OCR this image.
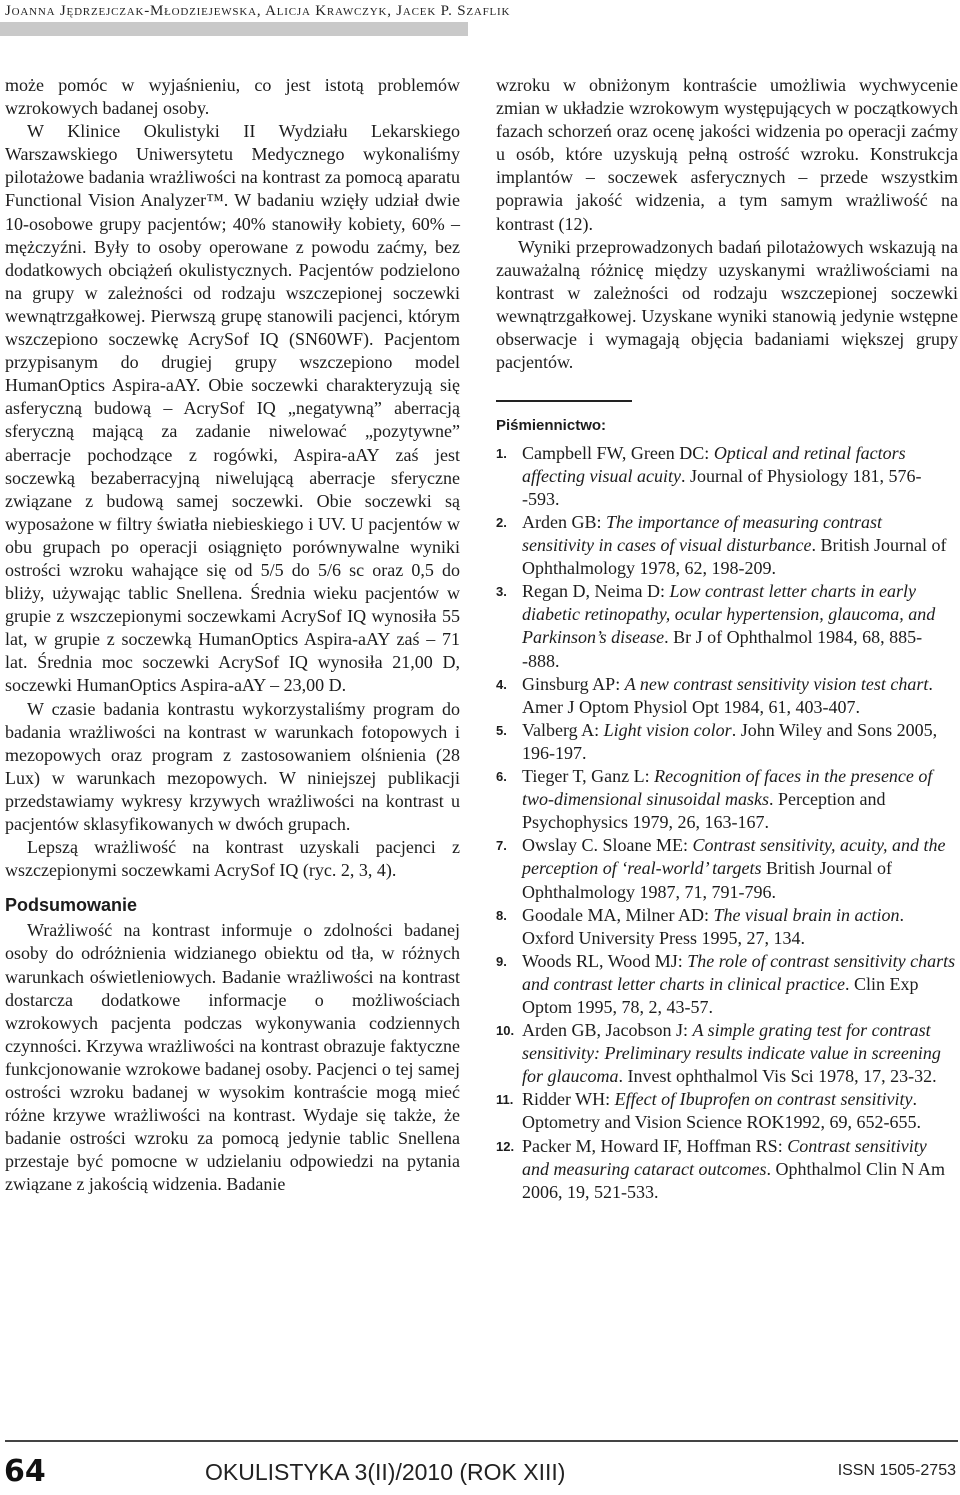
Joanna Jędrzejczak-Młodziejewska, Alicja Krawczyk, Jacek P. Szaflik

może pomóc w wyjaśnieniu, co jest istotą problemów wzrokowych badanej osoby.

W Klinice Okulistyki II Wydziału Lekarskiego Warszawskiego Uniwersytetu Medycznego wykonaliśmy pilotażowe badania wrażliwości na kontrast za pomocą aparatu Functional Vision Analyzer™. W badaniu wzięły udział dwie 10-osobowe grupy pacjentów; 40% stanowiły kobiety, 60% – mężczyźni. Były to osoby operowane z powodu zaćmy, bez dodatkowych obciążeń okulistycznych. Pacjentów podzielono na grupy w zależności od rodzaju wszczepionej soczewki wewnątrzgałkowej. Pierwszą grupę stanowili pacjenci, którym wszczepiono soczewkę AcrySof IQ (SN60WF). Pacjentom przypisanym do drugiej grupy wszczepiono model HumanOptics Aspira-aAY. Obie soczewki charakteryzują się asferyczną budową – AcrySof IQ „negatywną” aberracją sferyczną mającą za zadanie niwelować „pozytywne” aberracje pochodzące z rogówki, Aspira-aAY zaś jest soczewką bezaberracyjną niwelującą aberracje sferyczne związane z budową samej soczewki. Obie soczewki są wyposażone w filtry światła niebieskiego i UV. U pacjentów w obu grupach po operacji osiągnięto porównywalne wyniki ostrości wzroku wahające się od 5/5 do 5/6 sc oraz 0,5 do bliży, używając tablic Snellena. Średnia wieku pacjentów w grupie z wszczepionymi soczewkami AcrySof IQ wynosiła 55 lat, w grupie z soczewką HumanOptics Aspira-aAY zaś – 71 lat. Średnia moc soczewki AcrySof IQ wynosiła 21,00 D, soczewki HumanOptics Aspira-aAY – 23,00 D.

W czasie badania kontrastu wykorzystaliśmy program do badania wrażliwości na kontrast w warunkach fotopowych i mezopowych oraz program z zastosowaniem olśnienia (28 Lux) w warunkach mezopowych. W niniejszej publikacji przedstawiamy wykresy krzywych wrażliwości na kontrast u pacjentów sklasyfikowanych w dwóch grupach.

Lepszą wrażliwość na kontrast uzyskali pacjenci z wszczepionymi soczewkami AcrySof IQ (ryc. 2, 3, 4).

Podsumowanie

Wrażliwość na kontrast informuje o zdolności badanej osoby do odróżnienia widzianego obiektu od tła, w różnych warunkach oświetleniowych. Badanie wrażliwości na kontrast dostarcza dodatkowe informacje o możliwościach wzrokowych pacjenta podczas wykonywania codziennych czynności. Krzywa wrażliwości na kontrast obrazuje faktyczne funkcjonowanie wzrokowe badanej osoby. Pacjenci o tej samej ostrości wzroku badanej w wysokim kontraście mogą mieć różne krzywe wrażliwości na kontrast. Wydaje się także, że badanie ostrości wzroku za pomocą jedynie tablic Snellena przestaje być pomocne w udzielaniu odpowiedzi na pytania związane z jakością widzenia. Badanie

wzroku w obniżonym kontraście umożliwia wychwycenie zmian w układzie wzrokowym występujących w początkowych fazach schorzeń oraz ocenę jakości widzenia po operacji zaćmy u osób, które uzyskują pełną ostrość wzroku. Konstrukcja implantów – soczewek asferycznych – przede wszystkim poprawia jakość widzenia, a tym samym wrażliwość na kontrast (12).

Wyniki przeprowadzonych badań pilotażowych wskazują na zauważalną różnicę między uzyskanymi wrażliwościami na kontrast w zależności od rodzaju wszczepionej soczewki wewnątrzgałkowej. Uzyskane wyniki stanowią jedynie wstępne obserwacje i wymagają objęcia badaniami większej grupy pacjentów.

Piśmiennictwo:
1. Campbell FW, Green DC: Optical and retinal factors affecting visual acuity. Journal of Physiology 181, 576--593.
2. Arden GB: The importance of measuring contrast sensitivity in cases of visual disturbance. British Journal of Ophthalmology 1978, 62, 198-209.
3. Regan D, Neima D: Low contrast letter charts in early diabetic retinopathy, ocular hypertension, glaucoma, and Parkinson’s disease. Br J of Ophthalmol 1984, 68, 885--888.
4. Ginsburg AP: A new contrast sensitivity vision test chart. Amer J Optom Physiol Opt 1984, 61, 403-407.
5. Valberg A: Light vision color. John Wiley and Sons 2005, 196-197.
6. Tieger T, Ganz L: Recognition of faces in the presence of two-dimensional sinusoidal masks. Perception and Psychophysics 1979, 26, 163-167.
7. Owslay C. Sloane ME: Contrast sensitivity, acuity, and the perception of ‘real-world’ targets British Journal of Ophthalmology 1987, 71, 791-796.
8. Goodale MA, Milner AD: The visual brain in action. Oxford University Press 1995, 27, 134.
9. Woods RL, Wood MJ: The role of contrast sensitivity charts and contrast letter charts in clinical practice. Clin Exp Optom 1995, 78, 2, 43-57.
10. Arden GB, Jacobson J: A simple grating test for contrast sensitivity: Preliminary results indicate value in screening for glaucoma. Invest ophthalmol Vis Sci 1978, 17, 23-32.
11. Ridder WH: Effect of Ibuprofen on contrast sensitivity. Optometry and Vision Science ROK1992, 69, 652-655.
12. Packer M, Howard IF, Hoffman RS: Contrast sensitivity and measuring cataract outcomes. Ophthalmol Clin N Am 2006, 19, 521-533.
64	OKULISTYKA 3(II)/2010 (ROK XIII)	ISSN 1505-2753
